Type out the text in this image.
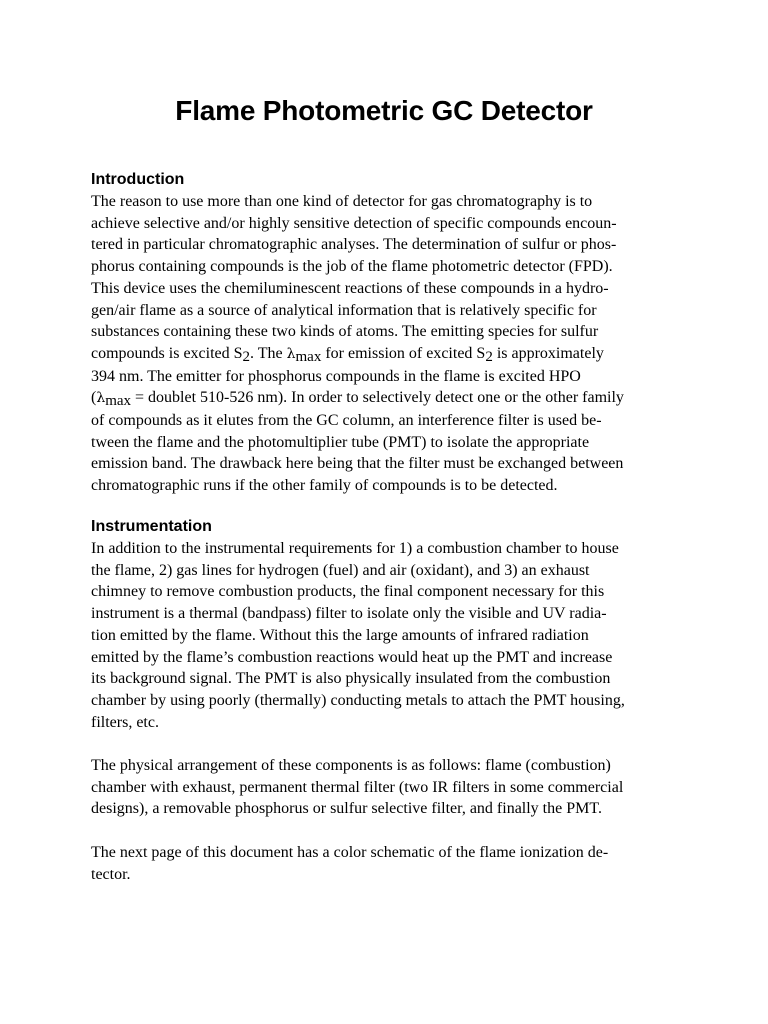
Flame Photometric GC Detector
Introduction
The reason to use more than one kind of detector for gas chromatography is to
achieve selective and/or highly sensitive detection of specific compounds encoun-
tered in particular chromatographic analyses. The determination of sulfur or phos-
phorus containing compounds is the job of the flame photometric detector (FPD).
This device uses the chemiluminescent reactions of these compounds in a hydro-
gen/air flame as a source of analytical information that is relatively specific for
substances containing these two kinds of atoms. The emitting species for sulfur
compounds is excited $S_2$. The $\lambda_{max}$ for emission of excited $S_2$ is approximately
394 nm. The emitter for phosphorus compounds in the flame is excited HPO
($\lambda_{max}$ = doublet 510-526 nm). In order to selectively detect one or the other family
of compounds as it elutes from the GC column, an interference filter is used be-
tween the flame and the photomultiplier tube (PMT) to isolate the appropriate
emission band. The drawback here being that the filter must be exchanged between
chromatographic runs if the other family of compounds is to be detected.
Instrumentation
In addition to the instrumental requirements for 1) a combustion chamber to house
the flame, 2) gas lines for hydrogen (fuel) and air (oxidant), and 3) an exhaust
chimney to remove combustion products, the final component necessary for this
instrument is a thermal (bandpass) filter to isolate only the visible and UV radia-
tion emitted by the flame. Without this the large amounts of infrared radiation
emitted by the flame’s combustion reactions would heat up the PMT and increase
its background signal. The PMT is also physically insulated from the combustion
chamber by using poorly (thermally) conducting metals to attach the PMT housing,
filters, etc.
The physical arrangement of these components is as follows: flame (combustion)
chamber with exhaust, permanent thermal filter (two IR filters in some commercial
designs), a removable phosphorus or sulfur selective filter, and finally the PMT.
The next page of this document has a color schematic of the flame ionization de-
tector.
